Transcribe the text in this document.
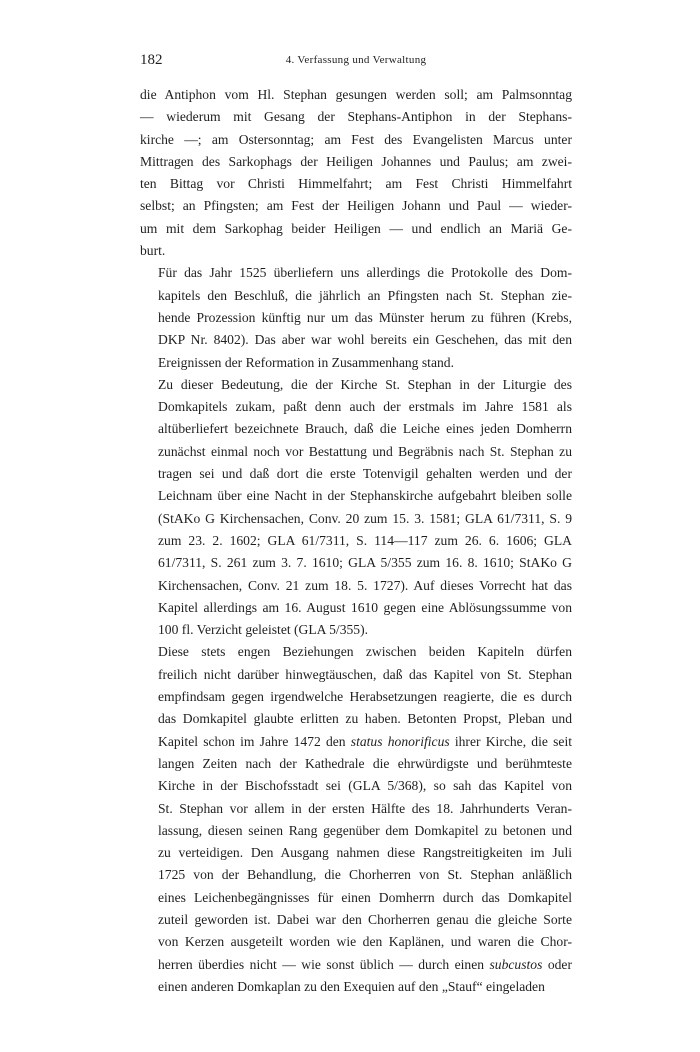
182	4. Verfassung und Verwaltung
die Antiphon vom Hl. Stephan gesungen werden soll; am Palmsonntag
— wiederum mit Gesang der Stephans-Antiphon in der Stephans-
kirche —; am Ostersonntag; am Fest des Evangelisten Marcus unter
Mittragen des Sarkophags der Heiligen Johannes und Paulus; am zwei-
ten Bittag vor Christi Himmelfahrt; am Fest Christi Himmelfahrt
selbst; an Pfingsten; am Fest der Heiligen Johann und Paul — wieder-
um mit dem Sarkophag beider Heiligen — und endlich an Mariä Ge-
burt.
Für das Jahr 1525 überliefern uns allerdings die Protokolle des Dom-
kapitels den Beschluß, die jährlich an Pfingsten nach St. Stephan zie-
hende Prozession künftig nur um das Münster herum zu führen (Krebs,
DKP Nr. 8402). Das aber war wohl bereits ein Geschehen, das mit den
Ereignissen der Reformation in Zusammenhang stand.
Zu dieser Bedeutung, die der Kirche St. Stephan in der Liturgie des
Domkapitels zukam, paßt denn auch der erstmals im Jahre 1581 als
altüberliefert bezeichnete Brauch, daß die Leiche eines jeden Domherrn
zunächst einmal noch vor Bestattung und Begräbnis nach St. Stephan zu
tragen sei und daß dort die erste Totenvigil gehalten werden und der
Leichnam über eine Nacht in der Stephanskirche aufgebahrt bleiben solle
(StAKo G Kirchensachen, Conv. 20 zum 15. 3. 1581; GLA 61/7311, S. 9
zum 23. 2. 1602; GLA 61/7311, S. 114—117 zum 26. 6. 1606; GLA
61/7311, S. 261 zum 3. 7. 1610; GLA 5/355 zum 16. 8. 1610; StAKo G
Kirchensachen, Conv. 21 zum 18. 5. 1727). Auf dieses Vorrecht hat das
Kapitel allerdings am 16. August 1610 gegen eine Ablösungssumme von
100 fl. Verzicht geleistet (GLA 5/355).
Diese stets engen Beziehungen zwischen beiden Kapiteln dürfen
freilich nicht darüber hinwegtäuschen, daß das Kapitel von St. Stephan
empfindsam gegen irgendwelche Herabsetzungen reagierte, die es durch
das Domkapitel glaubte erlitten zu haben. Betonten Propst, Pleban und
Kapitel schon im Jahre 1472 den status honorificus ihrer Kirche, die seit
langen Zeiten nach der Kathedrale die ehrwürdigste und berühmteste
Kirche in der Bischofsstadt sei (GLA 5/368), so sah das Kapitel von
St. Stephan vor allem in der ersten Hälfte des 18. Jahrhunderts Veran-
lassung, diesen seinen Rang gegenüber dem Domkapitel zu betonen und
zu verteidigen. Den Ausgang nahmen diese Rangstreitigkeiten im Juli
1725 von der Behandlung, die Chorherren von St. Stephan anläßlich
eines Leichenbegängnisses für einen Domherrn durch das Domkapitel
zuteil geworden ist. Dabei war den Chorherren genau die gleiche Sorte
von Kerzen ausgeteilt worden wie den Kaplänen, und waren die Chor-
herren überdies nicht — wie sonst üblich — durch einen subcustos oder
einen anderen Domkaplan zu den Exequien auf den „Stauf“ eingeladen
